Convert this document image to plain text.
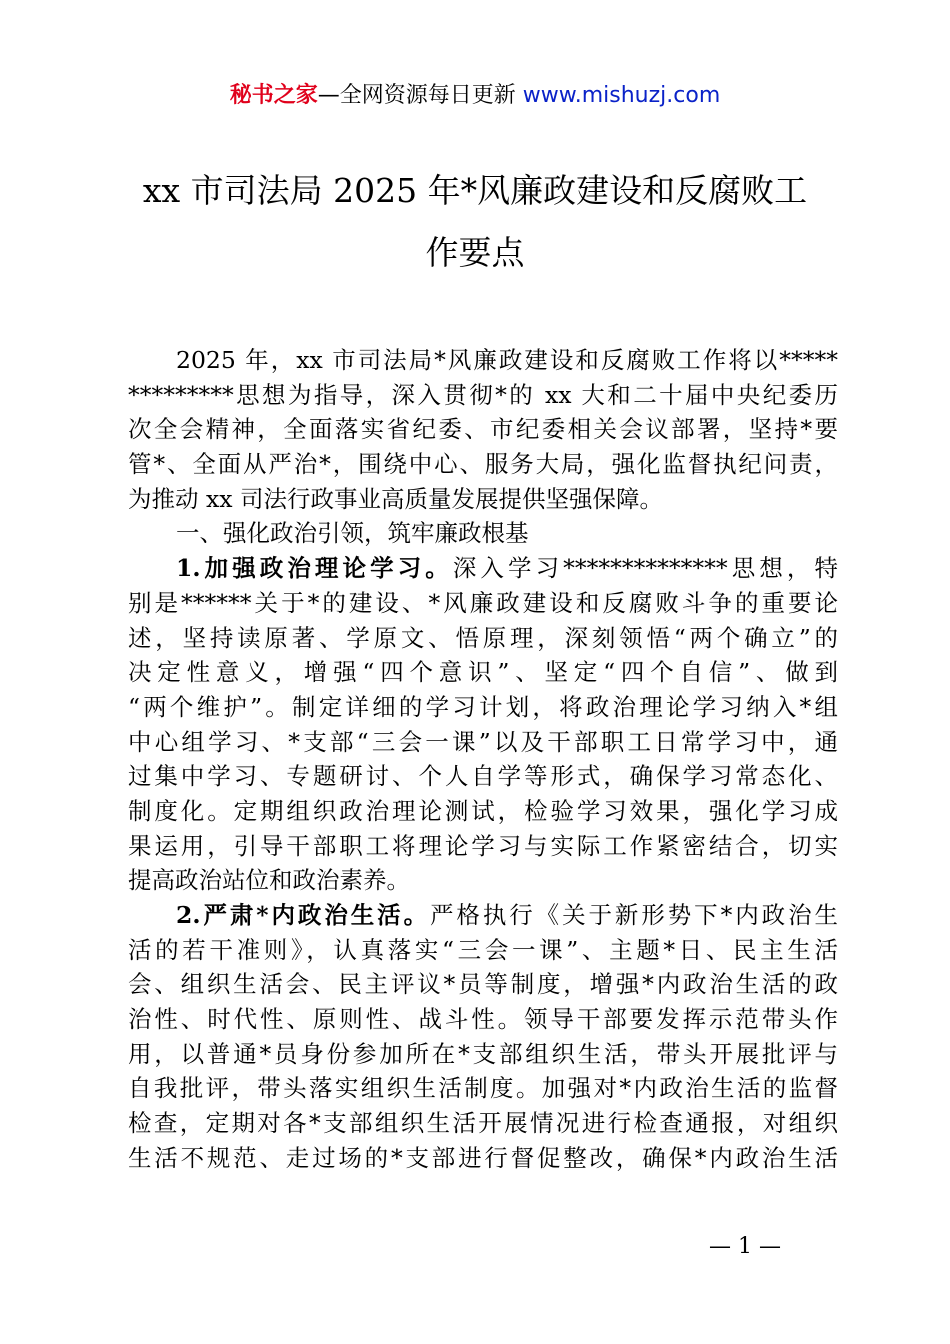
秘书之家—全网资源每日更新 www.mishuzj.com
xx 市司法局 2025 年*风廉政建设和反腐败工
作要点
2025 年，xx 市司法局*风廉政建设和反腐败工作将以*****
*********思想为指导，深入贯彻*的 xx 大和二十届中央纪委历
次全会精神，全面落实省纪委、市纪委相关会议部署，坚持*要
管*、全面从严治*，围绕中心、服务大局，强化监督执纪问责，
为推动 xx 司法行政事业高质量发展提供坚强保障。
一、强化政治引领，筑牢廉政根基
1.加强政治理论学习。深入学习**************思想，特
别是******关于*的建设、*风廉政建设和反腐败斗争的重要论
述，坚持读原著、学原文、悟原理，深刻领悟“两个确立”的
决定性意义，增强“四个意识”、坚定“四个自信”、做到
“两个维护”。制定详细的学习计划，将政治理论学习纳入*组
中心组学习、*支部“三会一课”以及干部职工日常学习中，通
过集中学习、专题研讨、个人自学等形式，确保学习常态化、
制度化。定期组织政治理论测试，检验学习效果，强化学习成
果运用，引导干部职工将理论学习与实际工作紧密结合，切实
提高政治站位和政治素养。
2.严肃*内政治生活。严格执行《关于新形势下*内政治生
活的若干准则》，认真落实“三会一课”、主题*日、民主生活
会、组织生活会、民主评议*员等制度，增强*内政治生活的政
治性、时代性、原则性、战斗性。领导干部要发挥示范带头作
用，以普通*员身份参加所在*支部组织生活，带头开展批评与
自我批评，带头落实组织生活制度。加强对*内政治生活的监督
检查，定期对各*支部组织生活开展情况进行检查通报，对组织
生活不规范、走过场的*支部进行督促整改，确保*内政治生活
— 1 —
